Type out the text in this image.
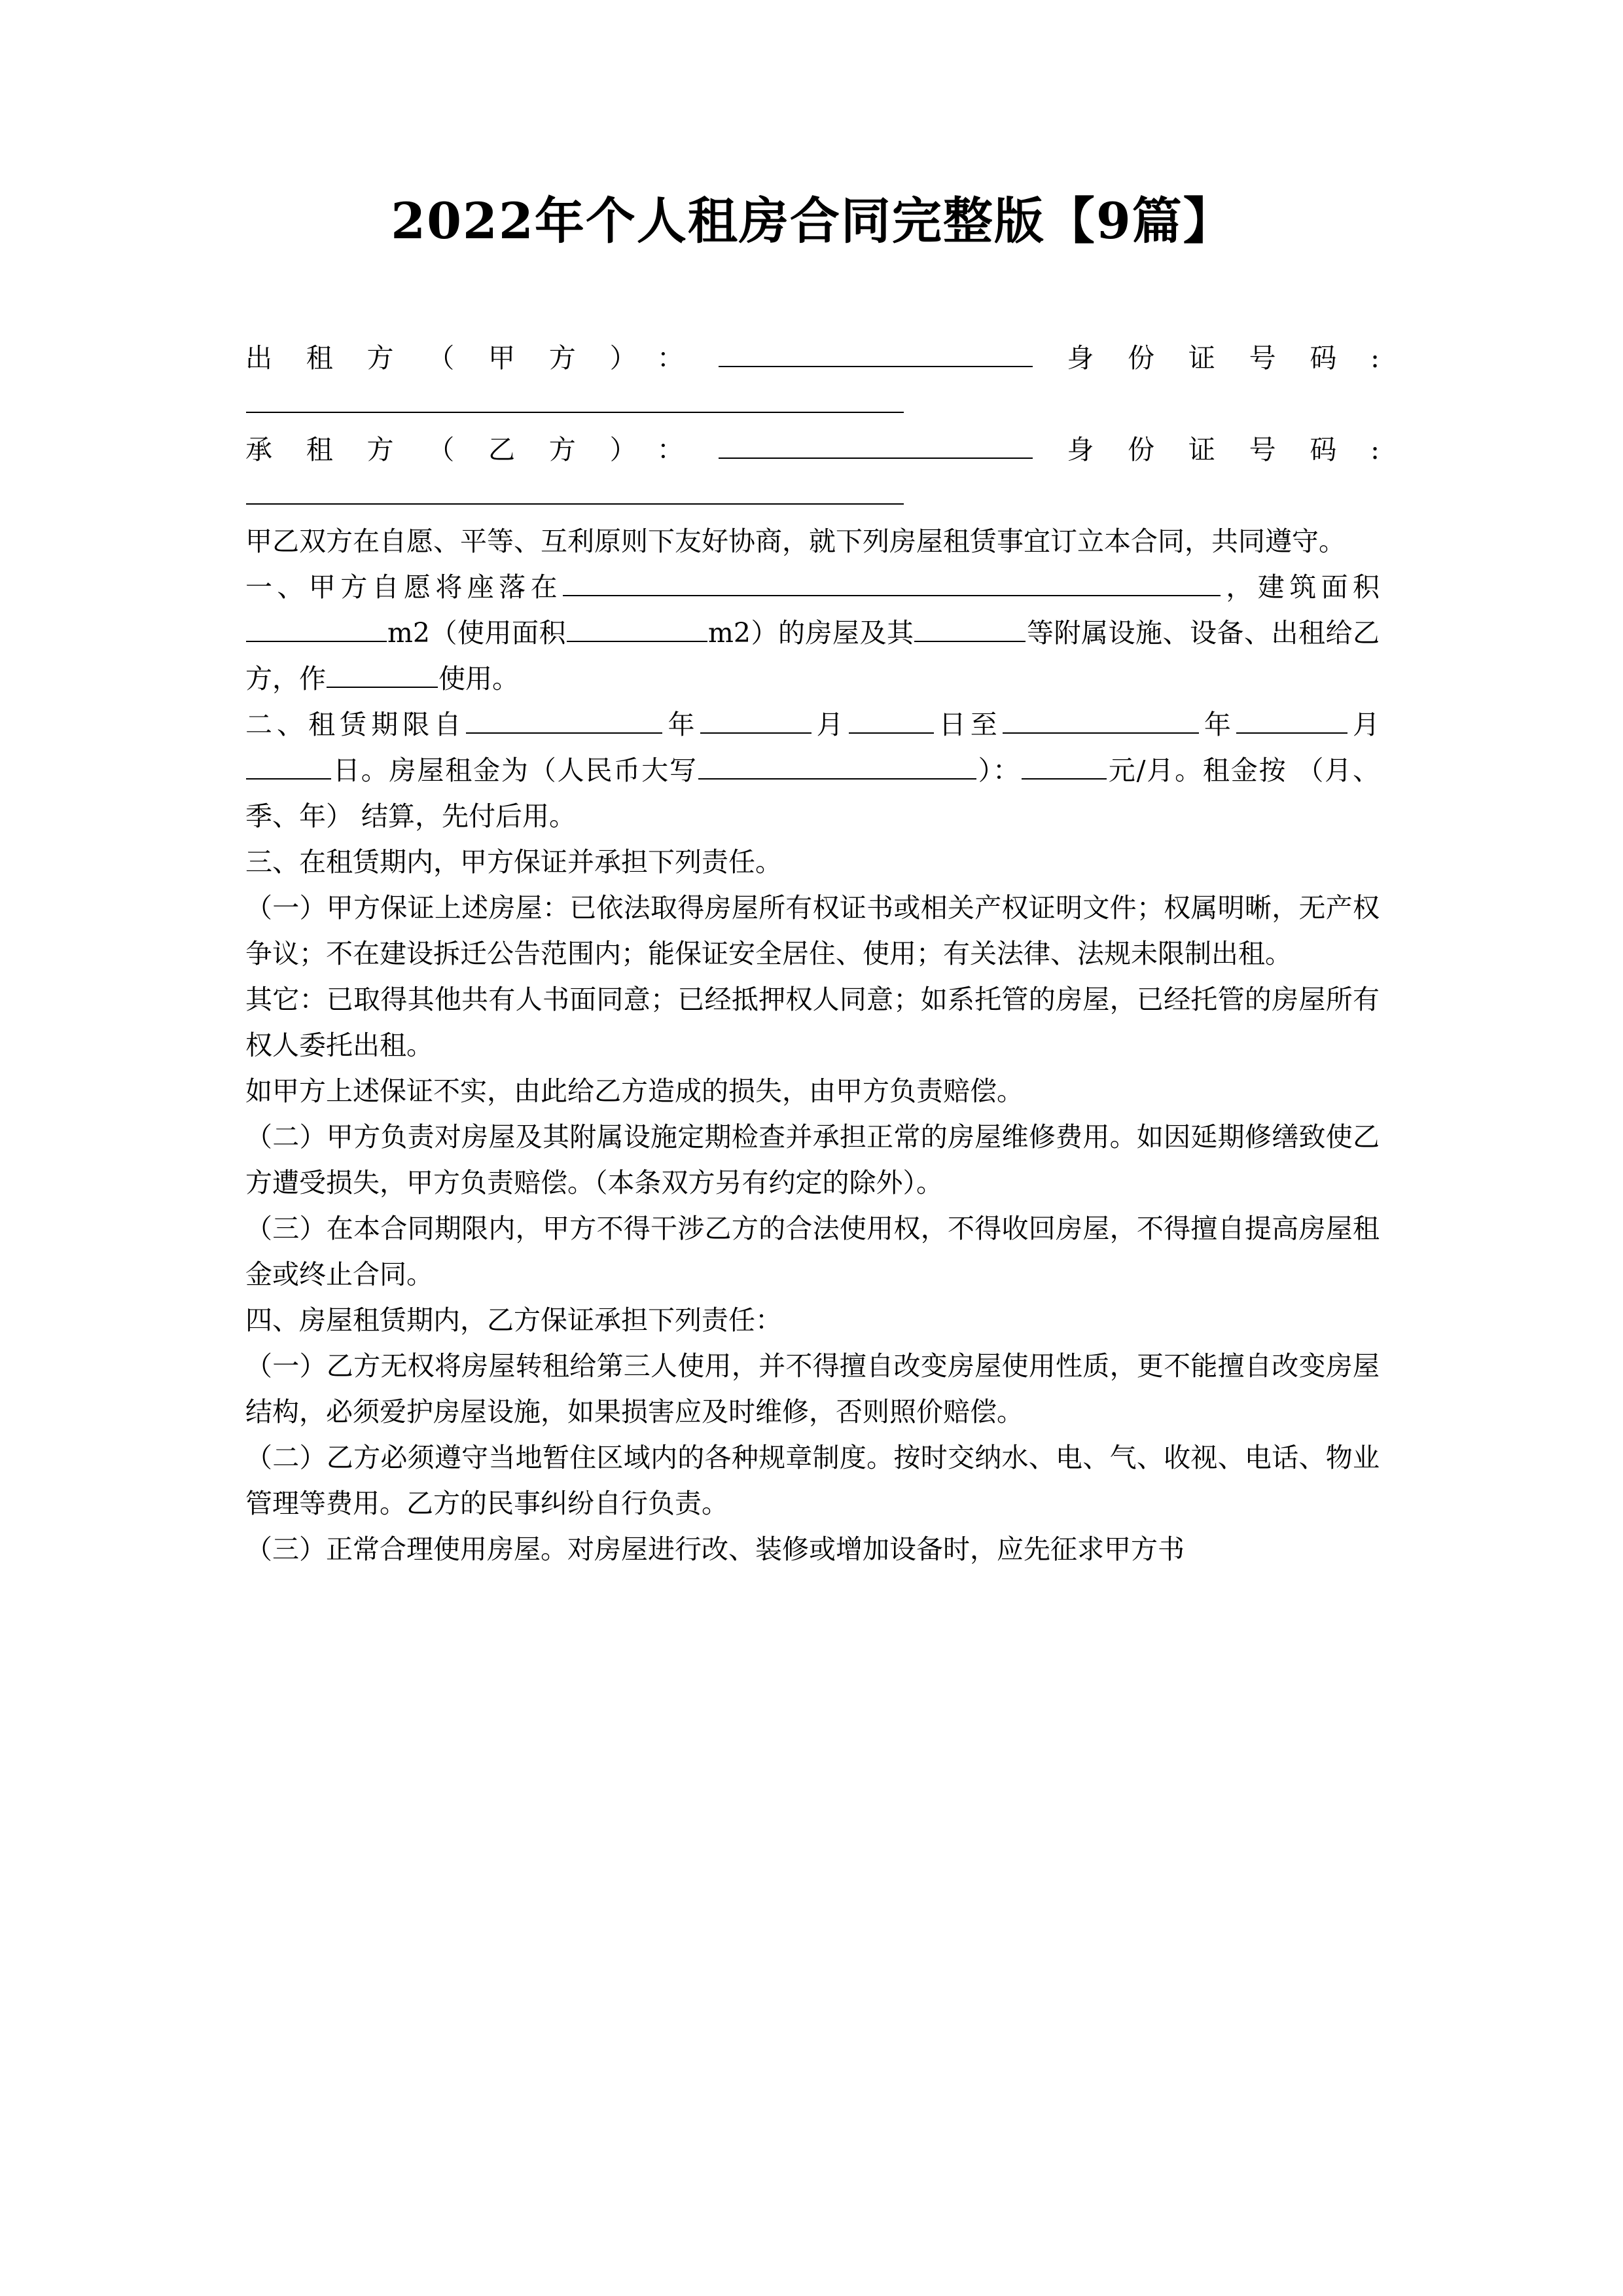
2022年个人租房合同完整版【9篇】

出租方（甲方）：	身份证号码:

承租方（乙方）：	身份证号码:

甲乙双方在自愿、平等、互利原则下友好协商，就下列房屋租赁事宜订立本合同，共同遵守。

一、甲方自愿将座落在	，建筑面积m2（使用面积	m2）的房屋及其	等附属设施、设备、出租给乙方，作	使用。

二、租赁期限自	年	月	日至	年	月日。房屋租金为（人民币大写	）：	元/月。租金按 （月、季、年） 结算，先付后用。

三、在租赁期内，甲方保证并承担下列责任。

（一）甲方保证上述房屋：已依法取得房屋所有权证书或相关产权证明文件；权属明晰，无产权争议；不在建设拆迁公告范围内；能保证安全居住、使用；有关法律、法规未限制出租。

其它：已取得其他共有人书面同意；已经抵押权人同意；如系托管的房屋，已经托管的房屋所有权人委托出租。

如甲方上述保证不实，由此给乙方造成的损失，由甲方负责赔偿。

（二）甲方负责对房屋及其附属设施定期检查并承担正常的房屋维修费用。如因延期修缮致使乙方遭受损失，甲方负责赔偿。（本条双方另有约定的除外）。

（三）在本合同期限内，甲方不得干涉乙方的合法使用权，不得收回房屋，不得擅自提高房屋租金或终止合同。

四、房屋租赁期内，乙方保证承担下列责任：

（一）乙方无权将房屋转租给第三人使用，并不得擅自改变房屋使用性质，更不能擅自改变房屋结构，必须爱护房屋设施，如果损害应及时维修，否则照价赔偿。

（二）乙方必须遵守当地暂住区域内的各种规章制度。按时交纳水、电、气、收视、电话、物业管理等费用。乙方的民事纠纷自行负责。

（三）正常合理使用房屋。对房屋进行改、装修或增加设备时，应先征求甲方书
